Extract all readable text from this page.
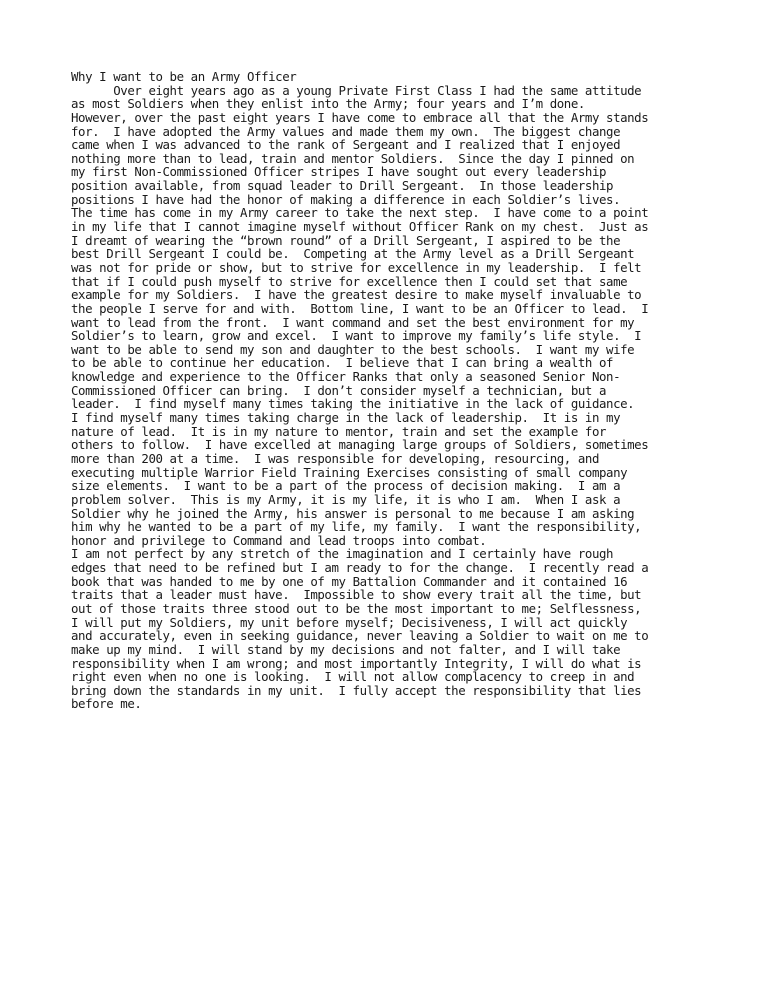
Why I want to be an Army Officer
Over eight years ago as a young Private First Class I had the same attitude
as most Soldiers when they enlist into the Army; four years and I’m done.
However, over the past eight years I have come to embrace all that the Army stands
for.  I have adopted the Army values and made them my own.  The biggest change
came when I was advanced to the rank of Sergeant and I realized that I enjoyed
nothing more than to lead, train and mentor Soldiers.  Since the day I pinned on
my first Non-Commissioned Officer stripes I have sought out every leadership
position available, from squad leader to Drill Sergeant.  In those leadership
positions I have had the honor of making a difference in each Soldier’s lives.
The time has come in my Army career to take the next step.  I have come to a point
in my life that I cannot imagine myself without Officer Rank on my chest.  Just as
I dreamt of wearing the “brown round” of a Drill Sergeant, I aspired to be the
best Drill Sergeant I could be.  Competing at the Army level as a Drill Sergeant
was not for pride or show, but to strive for excellence in my leadership.  I felt
that if I could push myself to strive for excellence then I could set that same
example for my Soldiers.  I have the greatest desire to make myself invaluable to
the people I serve for and with.  Bottom line, I want to be an Officer to lead.  I
want to lead from the front.  I want command and set the best environment for my
Soldier’s to learn, grow and excel.  I want to improve my family’s life style.  I
want to be able to send my son and daughter to the best schools.  I want my wife
to be able to continue her education.  I believe that I can bring a wealth of
knowledge and experience to the Officer Ranks that only a seasoned Senior Non-
Commissioned Officer can bring.  I don’t consider myself a technician, but a
leader.  I find myself many times taking the initiative in the lack of guidance.
I find myself many times taking charge in the lack of leadership.  It is in my
nature of lead.  It is in my nature to mentor, train and set the example for
others to follow.  I have excelled at managing large groups of Soldiers, sometimes
more than 200 at a time.  I was responsible for developing, resourcing, and
executing multiple Warrior Field Training Exercises consisting of small company
size elements.  I want to be a part of the process of decision making.  I am a
problem solver.  This is my Army, it is my life, it is who I am.  When I ask a
Soldier why he joined the Army, his answer is personal to me because I am asking
him why he wanted to be a part of my life, my family.  I want the responsibility,
honor and privilege to Command and lead troops into combat.
I am not perfect by any stretch of the imagination and I certainly have rough
edges that need to be refined but I am ready to for the change.  I recently read a
book that was handed to me by one of my Battalion Commander and it contained 16
traits that a leader must have.  Impossible to show every trait all the time, but
out of those traits three stood out to be the most important to me; Selflessness,
I will put my Soldiers, my unit before myself; Decisiveness, I will act quickly
and accurately, even in seeking guidance, never leaving a Soldier to wait on me to
make up my mind.  I will stand by my decisions and not falter, and I will take
responsibility when I am wrong; and most importantly Integrity, I will do what is
right even when no one is looking.  I will not allow complacency to creep in and
bring down the standards in my unit.  I fully accept the responsibility that lies
before me.
